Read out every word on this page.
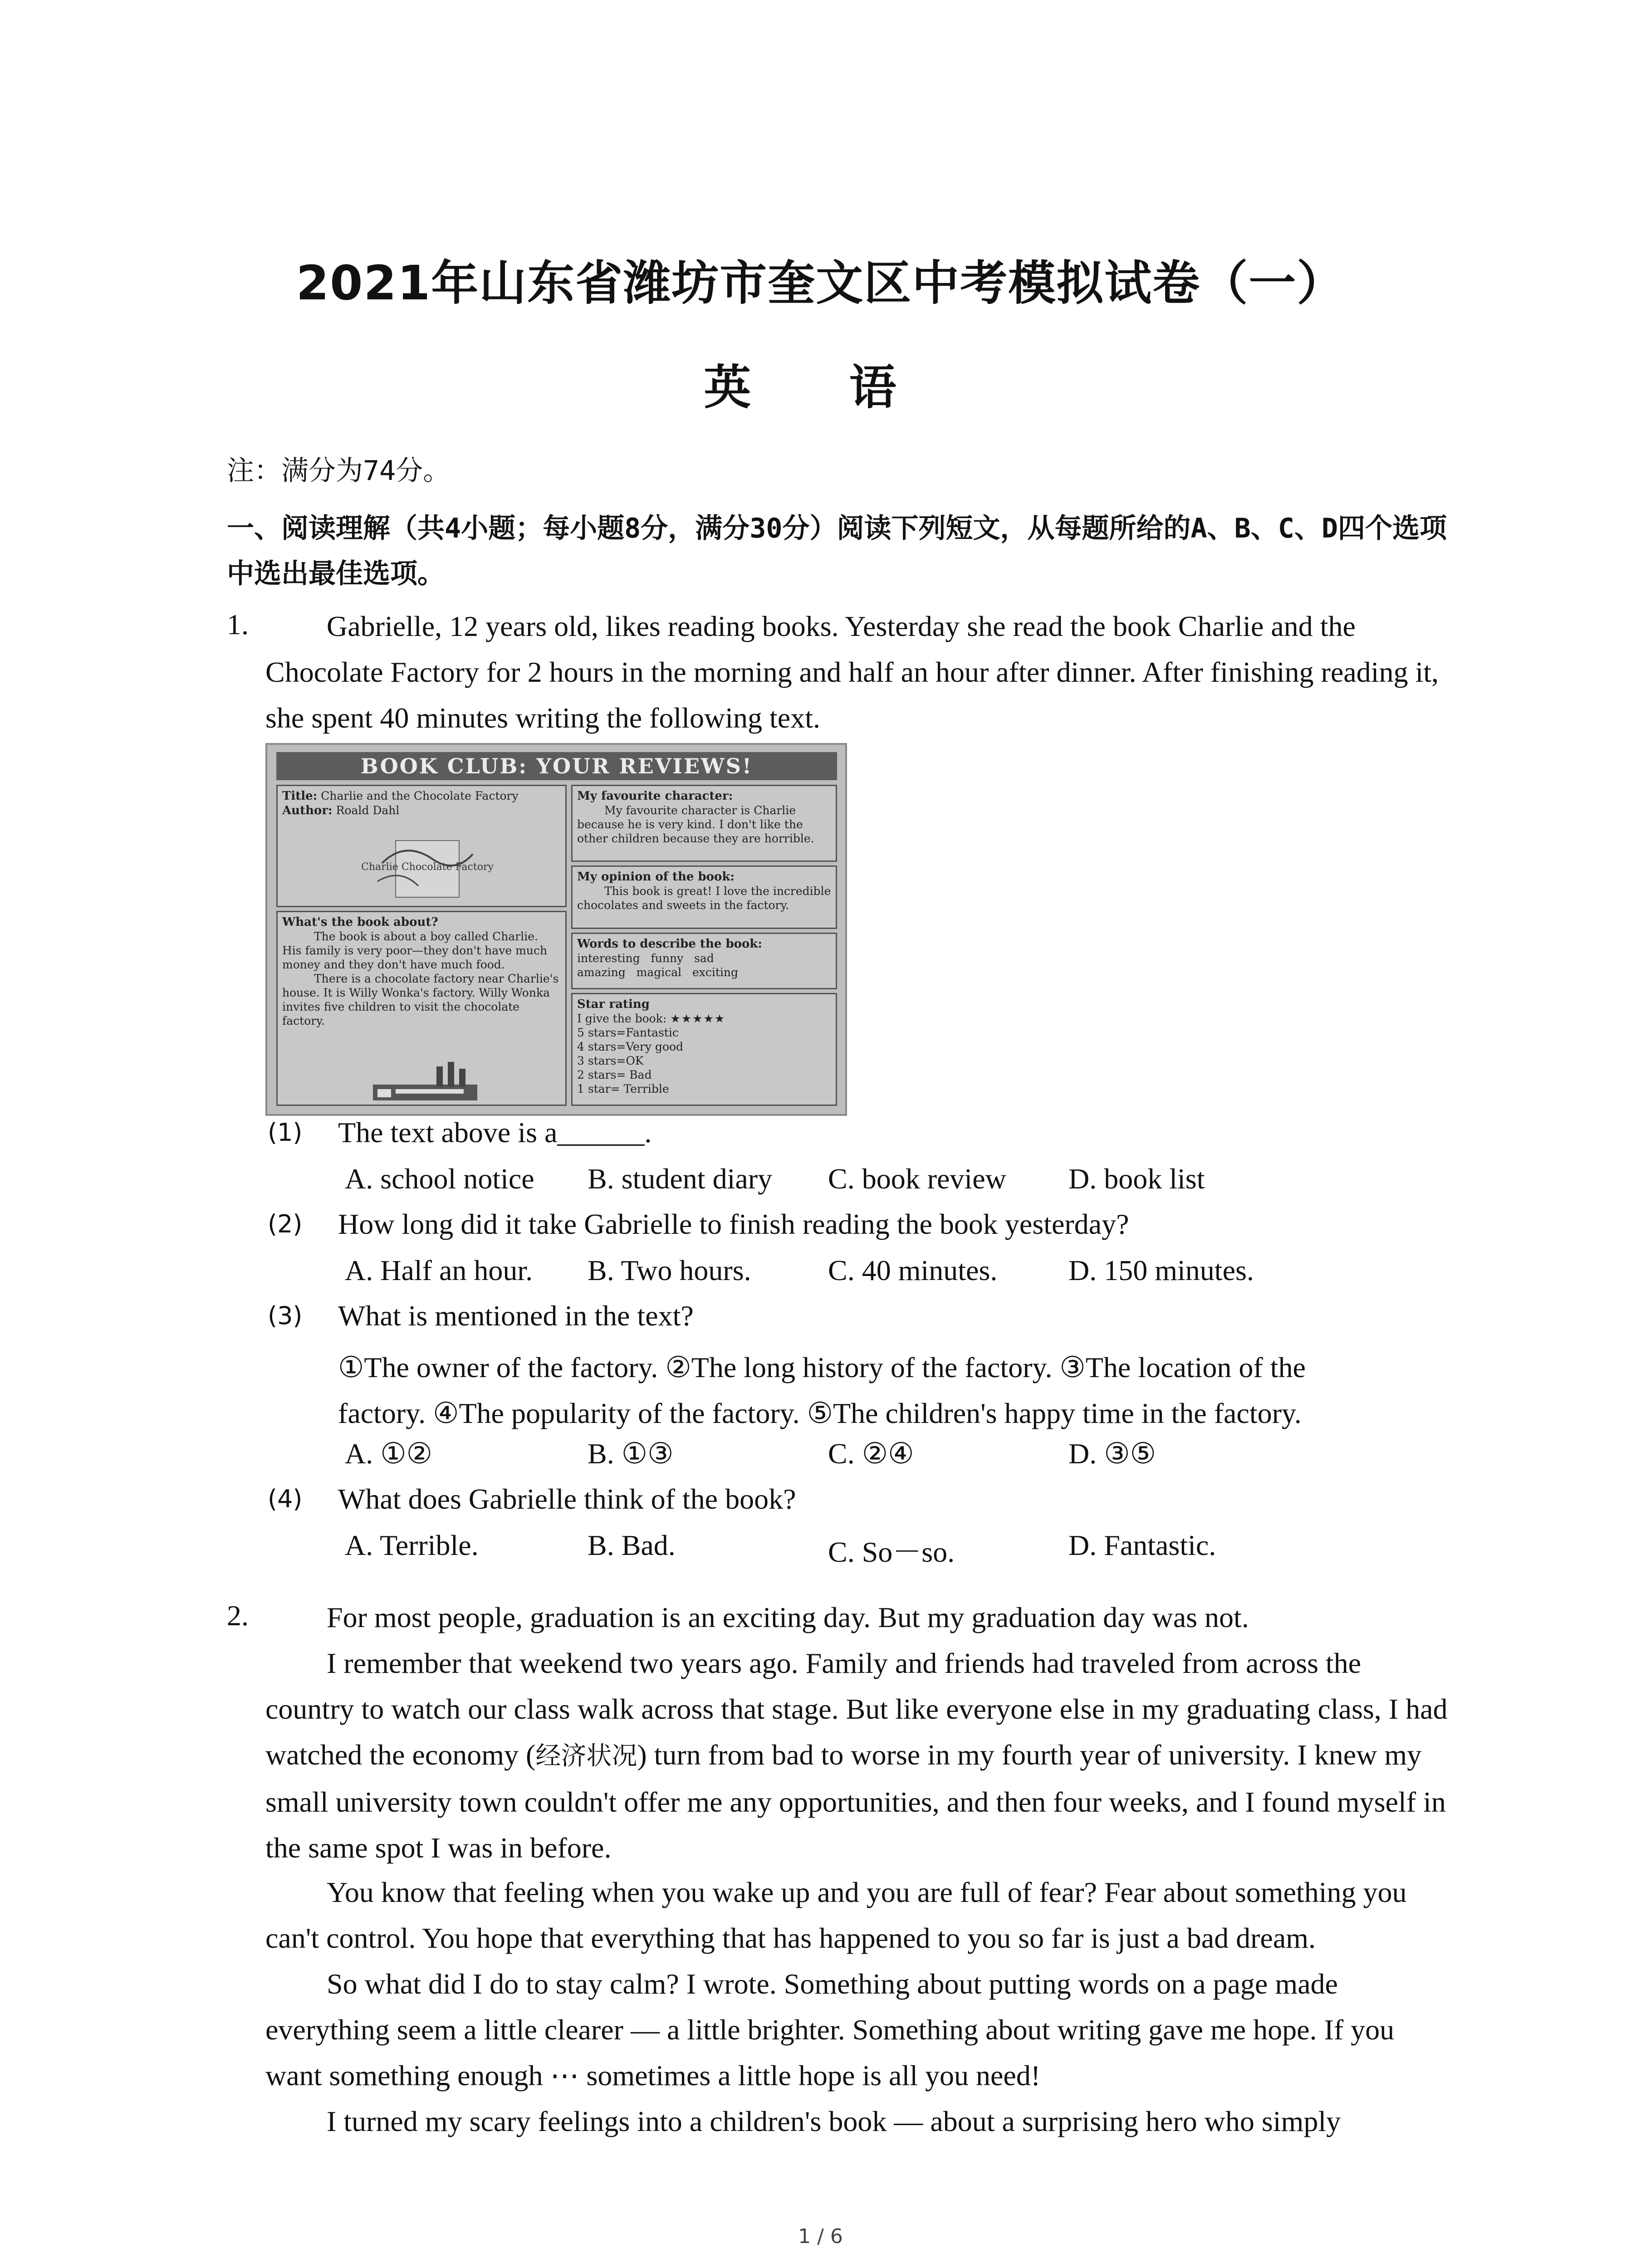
2021年山东省潍坊市奎文区中考模拟试卷（一）
英 语
注：满分为74分。
一、阅读理解（共4小题；每小题8分，满分30分）阅读下列短文，从每题所给的A、B、C、D四个选项中选出最佳选项。
1.	Gabrielle, 12 years old, likes reading books. Yesterday she read the book Charlie and the Chocolate Factory for 2 hours in the morning and half an hour after dinner. After finishing reading it, she spent 40 minutes writing the following text.
BOOK CLUB: YOUR REVIEWS!
Title: Charlie and the Chocolate Factory
Author: Roald Dahl
Charlie Chocolate Factory
What's the book about?
The book is about a boy called Charlie. His family is very poor—they don't have much money and they don't have much food.
There is a chocolate factory near Charlie's house. It is Willy Wonka's factory. Willy Wonka invites five children to visit the chocolate factory.
My favourite character:
My favourite character is Charlie because he is very kind. I don't like the other children because they are horrible.
My opinion of the book:
This book is great! I love the incredible chocolates and sweets in the factory.
Words to describe the book:
interesting   funny   sad
amazing   magical   exciting
Star rating
I give the book: ★★★★★
5 stars=Fantastic
4 stars=Very good
3 stars=OK
2 stars= Bad
1 star= Terrible
(1) The text above is a______.
A. school notice B. student diary C. book review D. book list
(2) How long did it take Gabrielle to finish reading the book yesterday?
A. Half an hour. B. Two hours.	C. 40 minutes. D. 150 minutes.
(3) What is mentioned in the text?
①The owner of the factory. ②The long history of the factory. ③The location of the factory. ④The popularity of the factory. ⑤The children's happy time in the factory.
A. ①②	B. ①③	C. ②④	D. ③⑤
(4) What does Gabrielle think of the book?
A. Terrible.	B. Bad.	C. So－so.	D. Fantastic.
2.	For most people, graduation is an exciting day. But my graduation day was not.
I remember that weekend two years ago. Family and friends had traveled from across the country to watch our class walk across that stage. But like everyone else in my graduating class, I had watched the economy (经济状况) turn from bad to worse in my fourth year of university. I knew my small university town couldn't offer me any opportunities, and then four weeks, and I found myself in the same spot I was in before.
You know that feeling when you wake up and you are full of fear? Fear about something you can't control. You hope that everything that has happened to you so far is just a bad dream.
So what did I do to stay calm? I wrote. Something about putting words on a page made everything seem a little clearer — a little brighter. Something about writing gave me hope. If you want something enough ⋯ sometimes a little hope is all you need!
I turned my scary feelings into a children's book — about a surprising hero who simply
1 / 6
